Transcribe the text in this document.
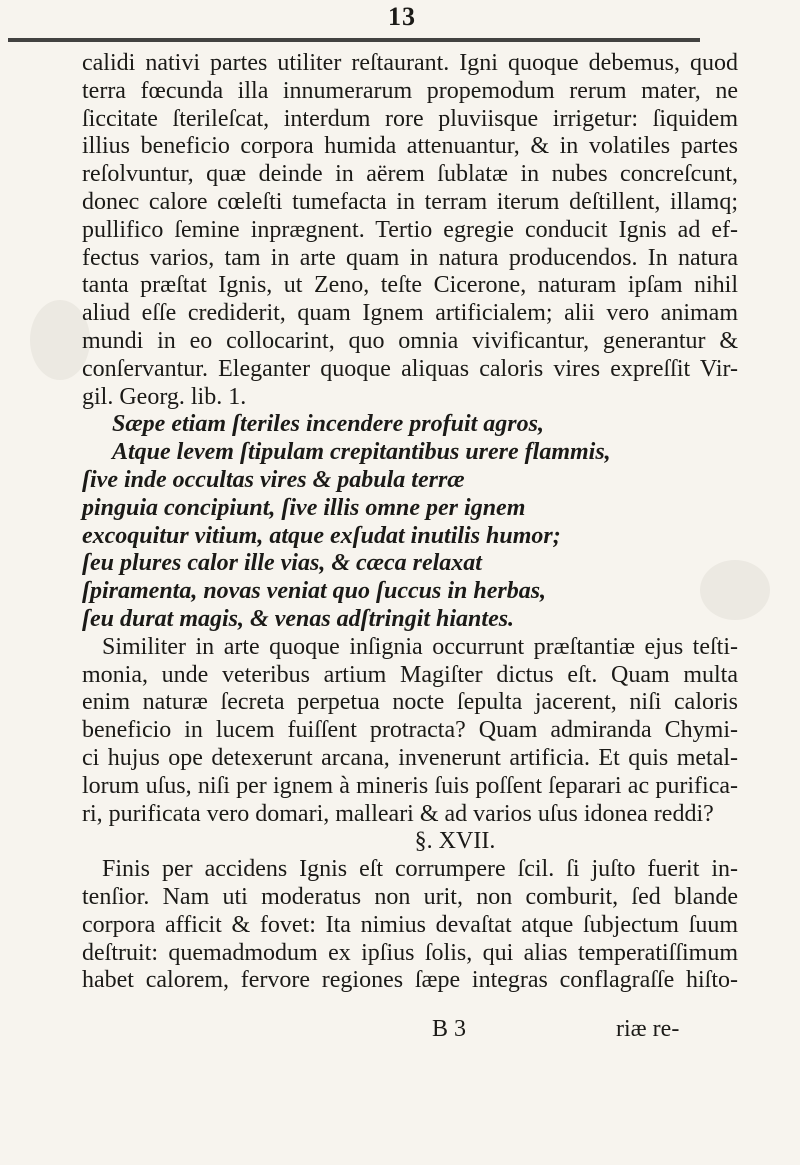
13
calidi nativi partes utiliter reſtaurant. Igni quoque debemus, quod
terra fœcunda illa innumerarum propemodum rerum mater, ne
ſiccitate ſterileſcat, interdum rore pluviisque irrigetur: ſiquidem
illius beneficio corpora humida attenuantur, & in volatiles partes
reſolvuntur, quæ deinde in aërem ſublatæ in nubes concreſcunt,
donec calore cœleſti tumefacta in terram iterum deſtillent, illamq;
pullifico ſemine inprægnent. Tertio egregie conducit Ignis ad ef-
fectus varios, tam in arte quam in natura producendos. In natura
tanta præſtat Ignis, ut Zeno, teſte Cicerone, naturam ipſam nihil
aliud eſſe crediderit, quam Ignem artificialem; alii vero animam
mundi in eo collocarint, quo omnia vivificantur, generantur &
conſervantur. Eleganter quoque aliquas caloris vires expreſſit Vir-
gil. Georg. lib. 1.
Sæpe etiam ſteriles incendere profuit agros,
Atque levem ſtipulam crepitantibus urere flammis,
ſive inde occultas vires & pabula terræ
pinguia concipiunt, ſive illis omne per ignem
excoquitur vitium, atque exſudat inutilis humor;
ſeu plures calor ille vias, & cæca relaxat
ſpiramenta, novas veniat quo ſuccus in herbas,
ſeu durat magis, & venas adſtringit hiantes.
Similiter in arte quoque inſignia occurrunt præſtantiæ ejus teſti-
monia, unde veteribus artium Magiſter dictus eſt. Quam multa
enim naturæ ſecreta perpetua nocte ſepulta jacerent, niſi caloris
beneficio in lucem fuiſſent protracta? Quam admiranda Chymi-
ci hujus ope detexerunt arcana, invenerunt artificia. Et quis metal-
lorum uſus, niſi per ignem à mineris ſuis poſſent ſeparari ac purifica-
ri, purificata vero domari, malleari & ad varios uſus idonea reddi?
§. XVII.
Finis per accidens Ignis eſt corrumpere ſcil. ſi juſto fuerit in-
tenſior. Nam uti moderatus non urit, non comburit, ſed blande
corpora afficit & fovet: Ita nimius devaſtat atque ſubjectum ſuum
deſtruit: quemadmodum ex ipſius ſolis, qui alias temperatiſſimum
habet calorem, fervore regiones ſæpe integras conflagraſſe hiſto-
B 3	riæ re-
